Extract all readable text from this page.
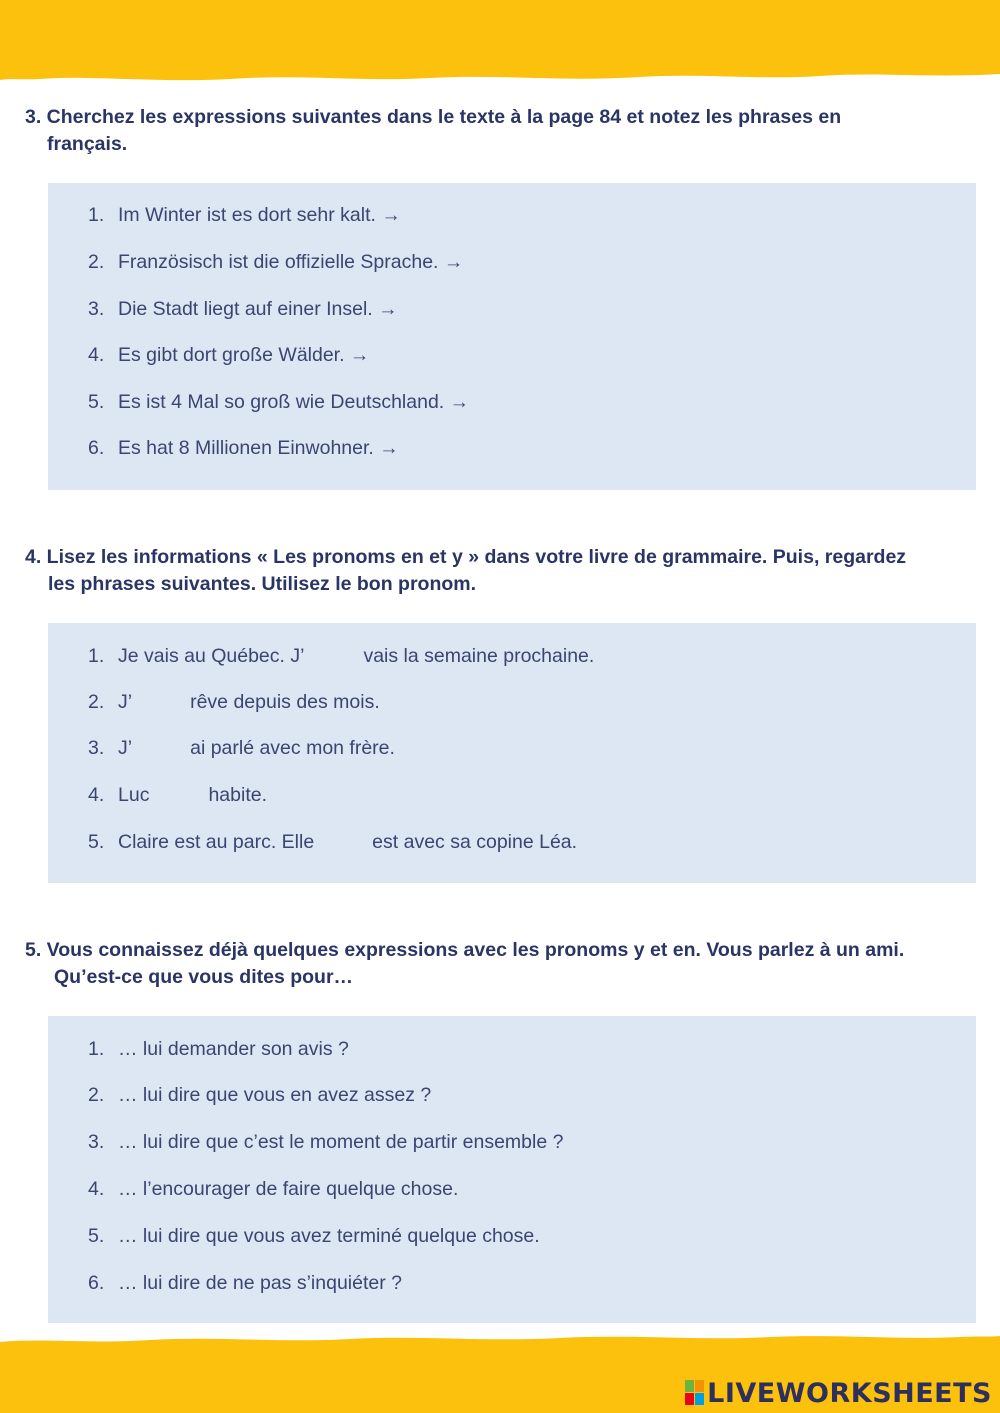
3. Cherchez les expressions suivantes dans le texte à la page 84 et notez les phrases en
français.
1. Im Winter ist es dort sehr kalt. →
2. Französisch ist die offizielle Sprache. →
3. Die Stadt liegt auf einer Insel. →
4. Es gibt dort große Wälder. →
5. Es ist 4 Mal so groß wie Deutschland. →
6. Es hat 8 Millionen Einwohner. →
4. Lisez les informations « Les pronoms en et y » dans votre livre de grammaire. Puis, regardez
les phrases suivantes. Utilisez le bon pronom.
1. Je vais au Québec. J’	vais la semaine prochaine.
2. J’	rêve depuis des mois.
3. J’	ai parlé avec mon frère.
4. Luc	habite.
5. Claire est au parc. Elle	est avec sa copine Léa.
5. Vous connaissez déjà quelques expressions avec les pronoms y et en. Vous parlez à un ami.
Qu’est-ce que vous dites pour…
1. … lui demander son avis ?
2. … lui dire que vous en avez assez ?
3. … lui dire que c’est le moment de partir ensemble ?
4. … l’encourager de faire quelque chose.
5. … lui dire que vous avez terminé quelque chose.
6. … lui dire de ne pas s’inquiéter ?
LIVEWORKSHEETS
